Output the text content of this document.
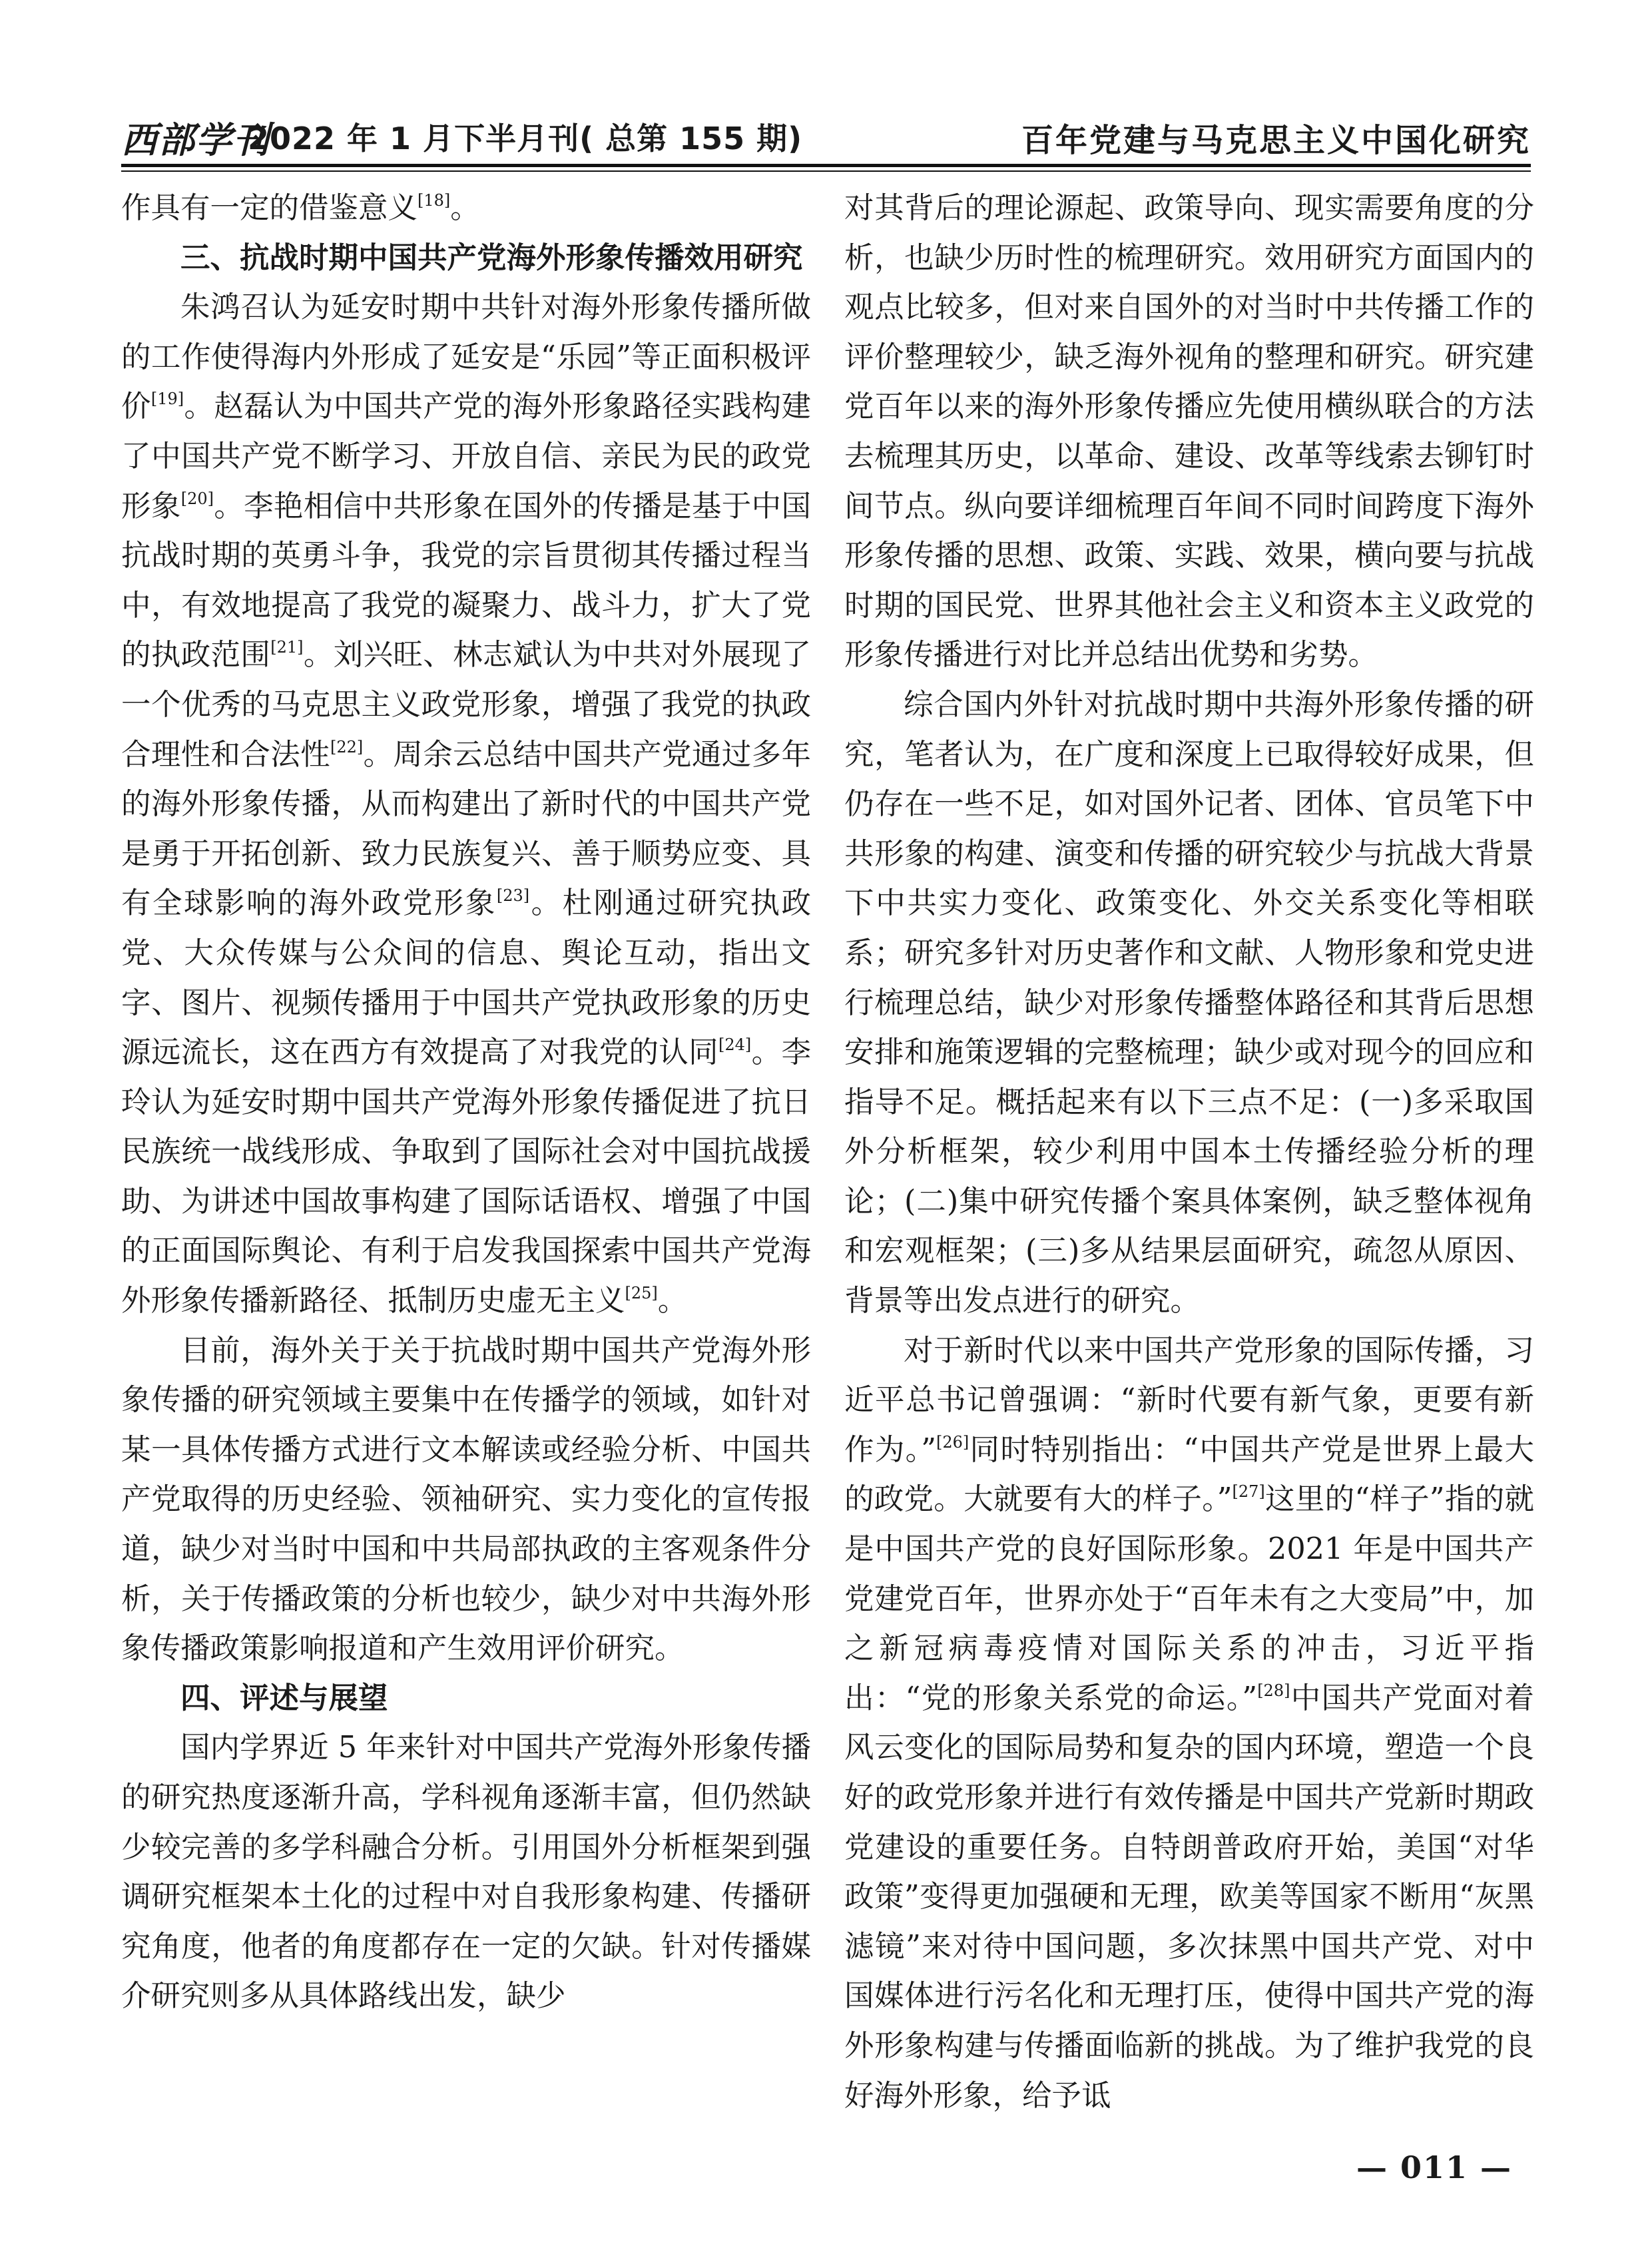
西部学刊
2022 年 1 月下半月刊( 总第 155 期)	百年党建与马克思主义中国化研究

作具有一定的借鉴意义[18]。

三、抗战时期中国共产党海外形象传播效用研究

朱鸿召认为延安时期中共针对海外形象传播所做的工作使得海内外形成了延安是“乐园”等正面积极评价[19]。赵磊认为中国共产党的海外形象路径实践构建了中国共产党不断学习、开放自信、亲民为民的政党形象[20]。李艳相信中共形象在国外的传播是基于中国抗战时期的英勇斗争，我党的宗旨贯彻其传播过程当中，有效地提高了我党的凝聚力、战斗力，扩大了党的执政范围[21]。刘兴旺、林志斌认为中共对外展现了一个优秀的马克思主义政党形象，增强了我党的执政合理性和合法性[22]。周余云总结中国共产党通过多年的海外形象传播，从而构建出了新时代的中国共产党是勇于开拓创新、致力民族复兴、善于顺势应变、具有全球影响的海外政党形象[23]。杜刚通过研究执政党、大众传媒与公众间的信息、舆论互动，指出文字、图片、视频传播用于中国共产党执政形象的历史源远流长，这在西方有效提高了对我党的认同[24]。李玲认为延安时期中国共产党海外形象传播促进了抗日民族统一战线形成、争取到了国际社会对中国抗战援助、为讲述中国故事构建了国际话语权、增强了中国的正面国际舆论、有利于启发我国探索中国共产党海外形象传播新路径、抵制历史虚无主义[25]。

目前，海外关于关于抗战时期中国共产党海外形象传播的研究领域主要集中在传播学的领域，如针对某一具体传播方式进行文本解读或经验分析、中国共产党取得的历史经验、领袖研究、实力变化的宣传报道，缺少对当时中国和中共局部执政的主客观条件分析，关于传播政策的分析也较少，缺少对中共海外形象传播政策影响报道和产生效用评价研究。

四、评述与展望

国内学界近 5 年来针对中国共产党海外形象传播的研究热度逐渐升高，学科视角逐渐丰富，但仍然缺少较完善的多学科融合分析。引用国外分析框架到强调研究框架本土化的过程中对自我形象构建、传播研究角度，他者的角度都存在一定的欠缺。针对传播媒介研究则多从具体路线出发，缺少

对其背后的理论源起、政策导向、现实需要角度的分析，也缺少历时性的梳理研究。效用研究方面国内的观点比较多，但对来自国外的对当时中共传播工作的评价整理较少，缺乏海外视角的整理和研究。研究建党百年以来的海外形象传播应先使用横纵联合的方法去梳理其历史，以革命、建设、改革等线索去铆钉时间节点。纵向要详细梳理百年间不同时间跨度下海外形象传播的思想、政策、实践、效果，横向要与抗战时期的国民党、世界其他社会主义和资本主义政党的形象传播进行对比并总结出优势和劣势。

综合国内外针对抗战时期中共海外形象传播的研究，笔者认为，在广度和深度上已取得较好成果，但仍存在一些不足，如对国外记者、团体、官员笔下中共形象的构建、演变和传播的研究较少与抗战大背景下中共实力变化、政策变化、外交关系变化等相联系；研究多针对历史著作和文献、人物形象和党史进行梳理总结，缺少对形象传播整体路径和其背后思想安排和施策逻辑的完整梳理；缺少或对现今的回应和指导不足。概括起来有以下三点不足：(一)多采取国外分析框架，较少利用中国本土传播经验分析的理论；(二)集中研究传播个案具体案例，缺乏整体视角和宏观框架；(三)多从结果层面研究，疏忽从原因、背景等出发点进行的研究。

对于新时代以来中国共产党形象的国际传播，习近平总书记曾强调：“新时代要有新气象，更要有新作为。”[26]同时特别指出：“中国共产党是世界上最大的政党。大就要有大的样子。”[27]这里的“样子”指的就是中国共产党的良好国际形象。2021 年是中国共产党建党百年，世界亦处于“百年未有之大变局”中，加之新冠病毒疫情对国际关系的冲击，习近平指出：“党的形象关系党的命运。”[28]中国共产党面对着风云变化的国际局势和复杂的国内环境，塑造一个良好的政党形象并进行有效传播是中国共产党新时期政党建设的重要任务。自特朗普政府开始，美国“对华政策”变得更加强硬和无理，欧美等国家不断用“灰黑滤镜”来对待中国问题，多次抹黑中国共产党、对中国媒体进行污名化和无理打压，使得中国共产党的海外形象构建与传播面临新的挑战。为了维护我党的良好海外形象，给予诋

— 011 —
